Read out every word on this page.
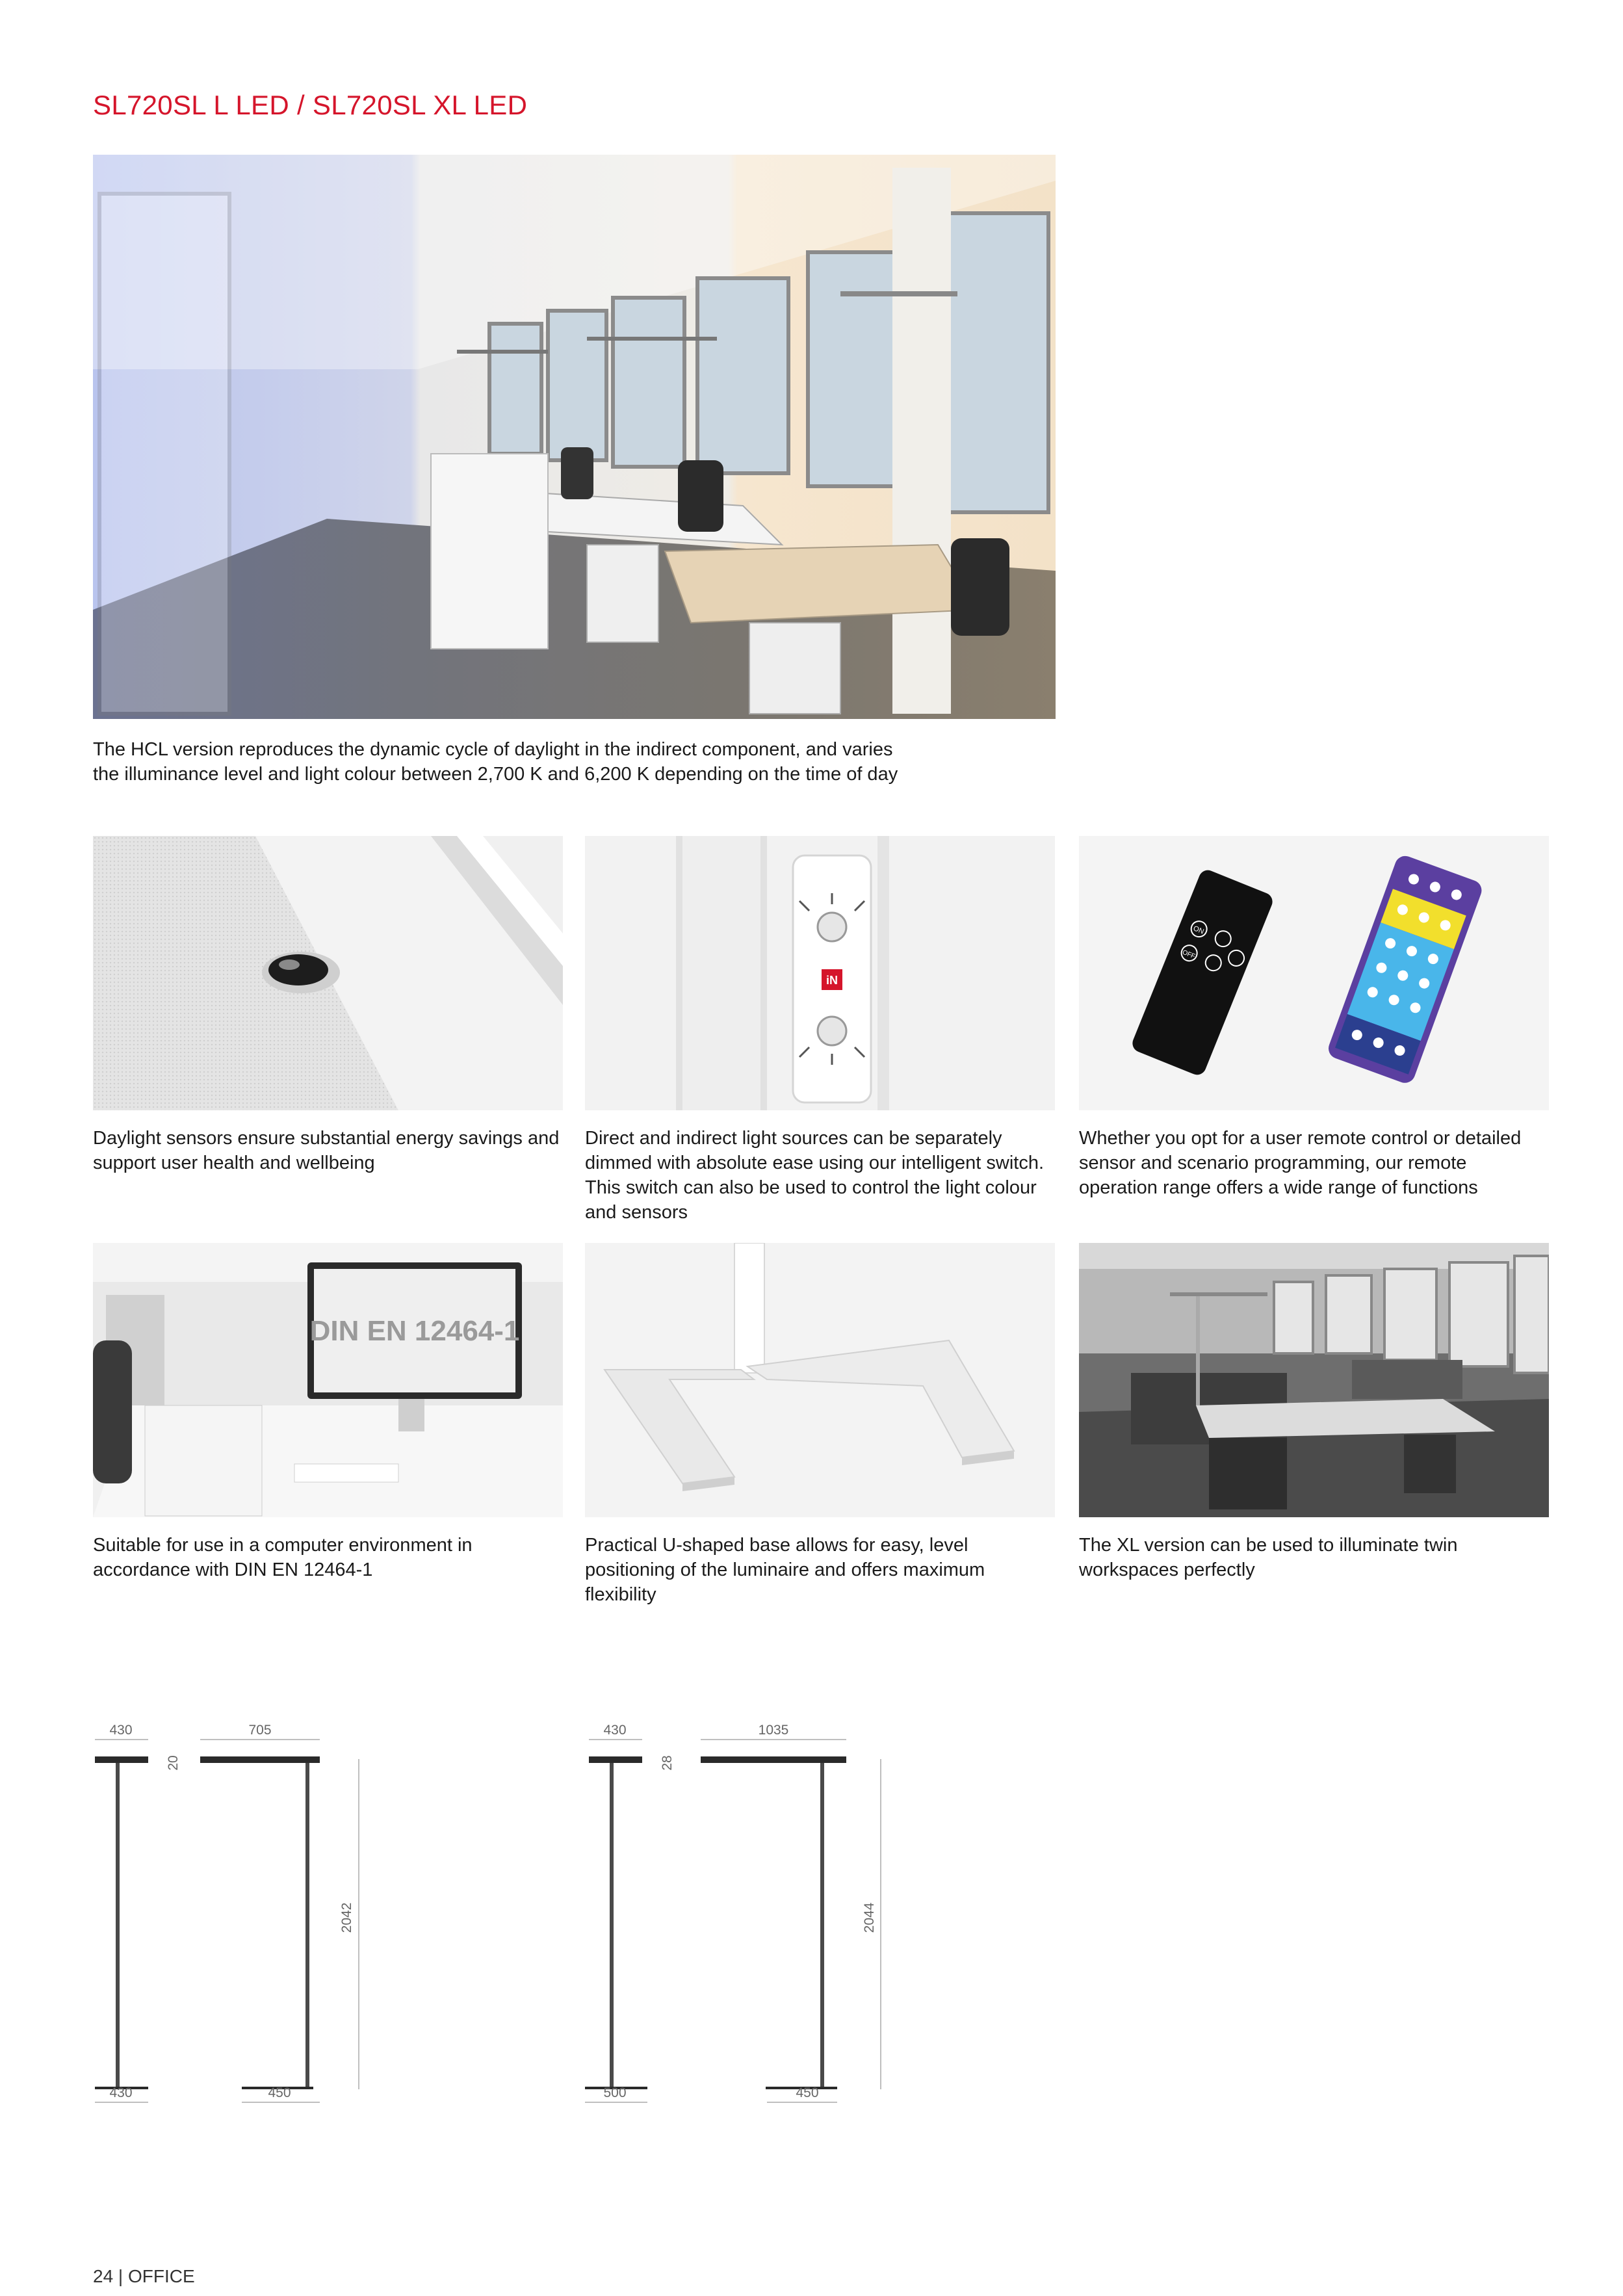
SL720SL L LED / SL720SL XL LED
The HCL version reproduces the dynamic cycle of daylight in the indirect component, and varies
the illuminance level and light colour between 2,700 K and 6,200 K depending on the time of day
iN
ON
OFF
Daylight sensors ensure substantial energy savings and support user health and wellbeing
Direct and indirect light sources can be separately dimmed with absolute ease using our intelligent switch. This switch can also be used to control the light colour and sensors
Whether you opt for a user remote control or detailed sensor and scenario programming, our remote operation range offers a wide range of functions
DIN EN 12464-1
Suitable for use in a computer environment in accordance with DIN EN 12464-1
Practical U-shaped base allows for easy, level positioning of the luminaire and offers maximum flexibility
The XL version can be used to illuminate twin workspaces perfectly
430	705
20
2042
430	450
430	1035
28
2044
500	450
24 | OFFICE
